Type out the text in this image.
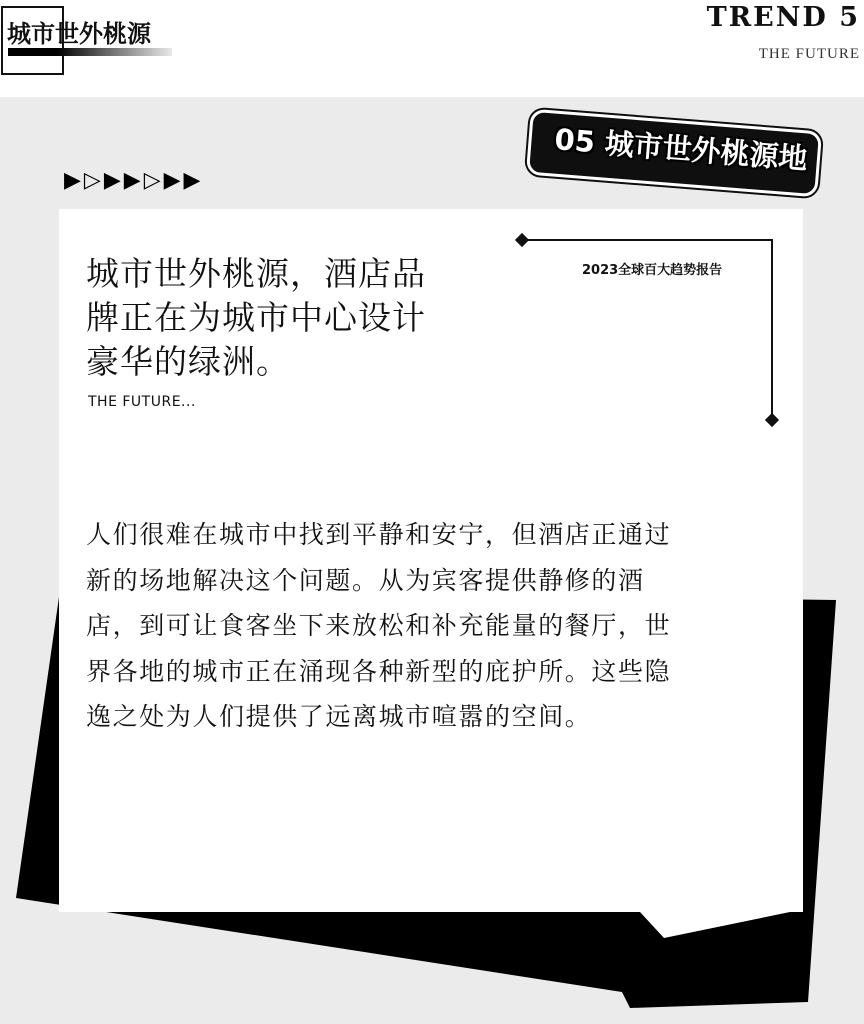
城市世外桃源
TREND 5
THE FUTURE
▶▷▶▶▷▶▶
05 城市世外桃源地
城市世外桃源，酒店品
牌正在为城市中心设计
豪华的绿洲。
THE FUTURE...
2023全球百大趋势报告
人们很难在城市中找到平静和安宁，但酒店正通过
新的场地解决这个问题。从为宾客提供静修的酒
店，到可让食客坐下来放松和补充能量的餐厅，世
界各地的城市正在涌现各种新型的庇护所。这些隐
逸之处为人们提供了远离城市喧嚣的空间。
